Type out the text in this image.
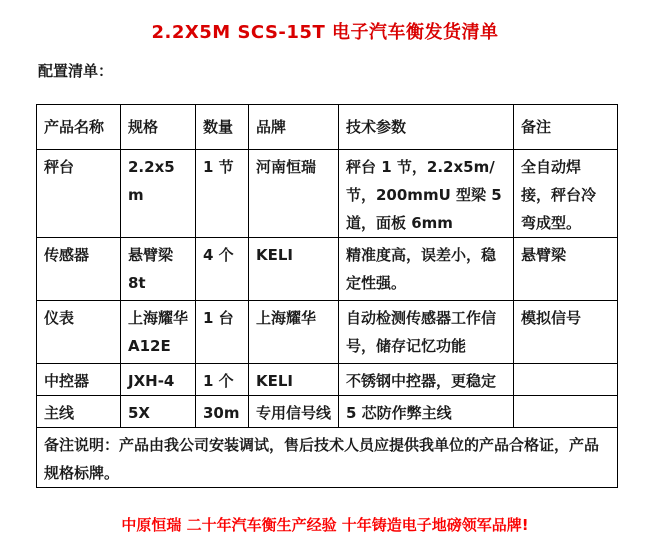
2.2X5M SCS-15T 电子汽车衡发货清单
配置清单：
产品名称	规格	数量	品牌	技术参数	备注
秤台	2.2x5m	1 节	河南恒瑞	秤台 1 节，2.2x5m/节，200mmU 型梁 5 道，面板 6mm	全自动焊接，秤台冷弯成型。
传感器	悬臂梁 8t	4 个	KELI	精准度高，误差小，稳定性强。	悬臂梁
仪表	上海耀华 A12E	1 台	上海耀华	自动检测传感器工作信号，储存记忆功能	模拟信号
中控器	JXH-4	1 个	KELI	不锈钢中控器，更稳定	
主线	5X	30m	专用信号线	5 芯防作弊主线	
备注说明：产品由我公司安装调试，售后技术人员应提供我单位的产品合格证，产品规格标牌。					
中原恒瑞 二十年汽车衡生产经验 十年铸造电子地磅领军品牌!
